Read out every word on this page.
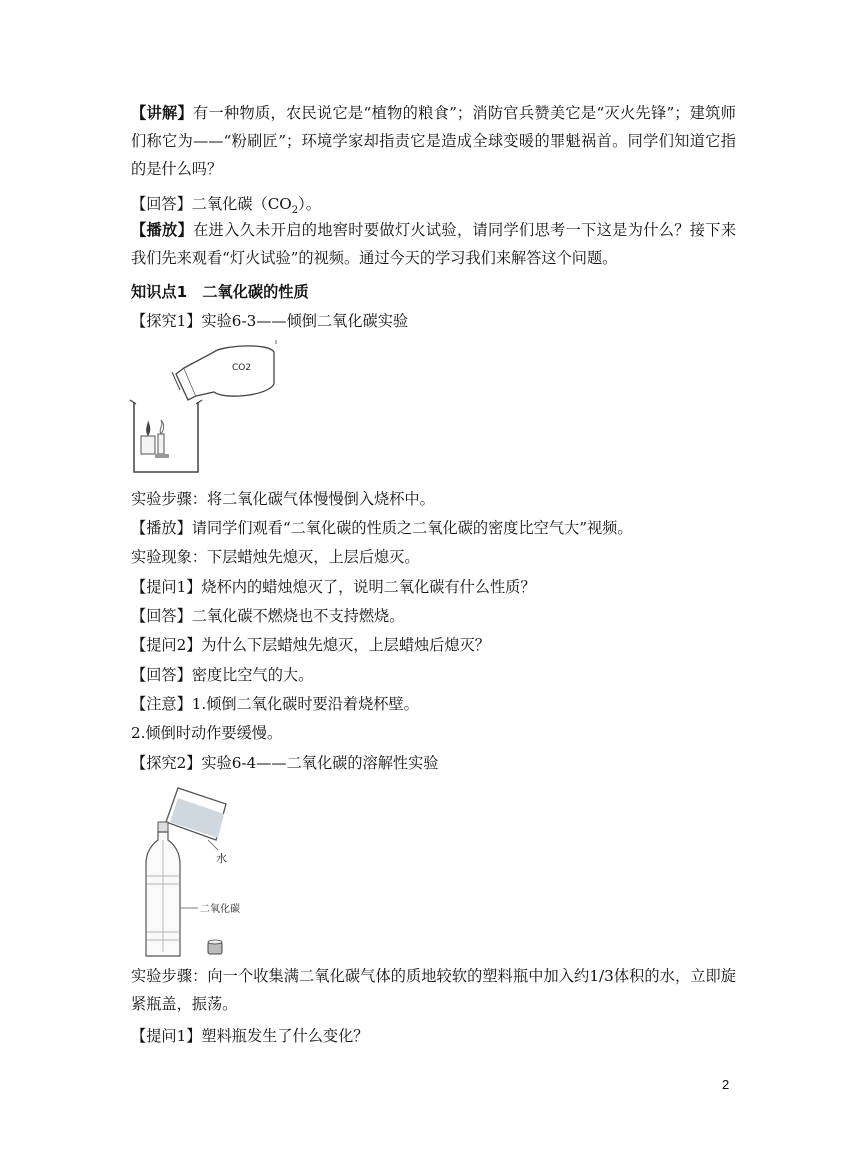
【讲解】有一种物质，农民说它是“植物的粮食”；消防官兵赞美它是“灭火先锋”；建筑师们称它为——“粉刷匠”；环境学家却指责它是造成全球变暖的罪魁祸首。同学们知道它指的是什么吗？
【回答】二氧化碳$(CO_2)$。
【播放】在进入久未开启的地窖时要做灯火试验，请同学们思考一下这是为什么？接下来我们先来观看“灯火试验”的视频。通过今天的学习我们来解答这个问题。
知识点1　二氧化碳的性质
【探究1】实验6-3——倾倒二氧化碳实验
CO2
实验步骤：将二氧化碳气体慢慢倒入烧杯中。
【播放】请同学们观看“二氧化碳的性质之二氧化碳的密度比空气大”视频。
实验现象：下层蜡烛先熄灭，上层后熄灭。
【提问1】烧杯内的蜡烛熄灭了，说明二氧化碳有什么性质？
【回答】二氧化碳不燃烧也不支持燃烧。
【提问2】为什么下层蜡烛先熄灭，上层蜡烛后熄灭？
【回答】密度比空气的大。
【注意】1.倾倒二氧化碳时要沿着烧杯壁。
2.倾倒时动作要缓慢。
【探究2】实验6-4——二氧化碳的溶解性实验
水
二氧化碳
实验步骤：向一个收集满二氧化碳气体的质地较软的塑料瓶中加入约1/3体积的水，立即旋紧瓶盖，振荡。
【提问1】塑料瓶发生了什么变化？
2
